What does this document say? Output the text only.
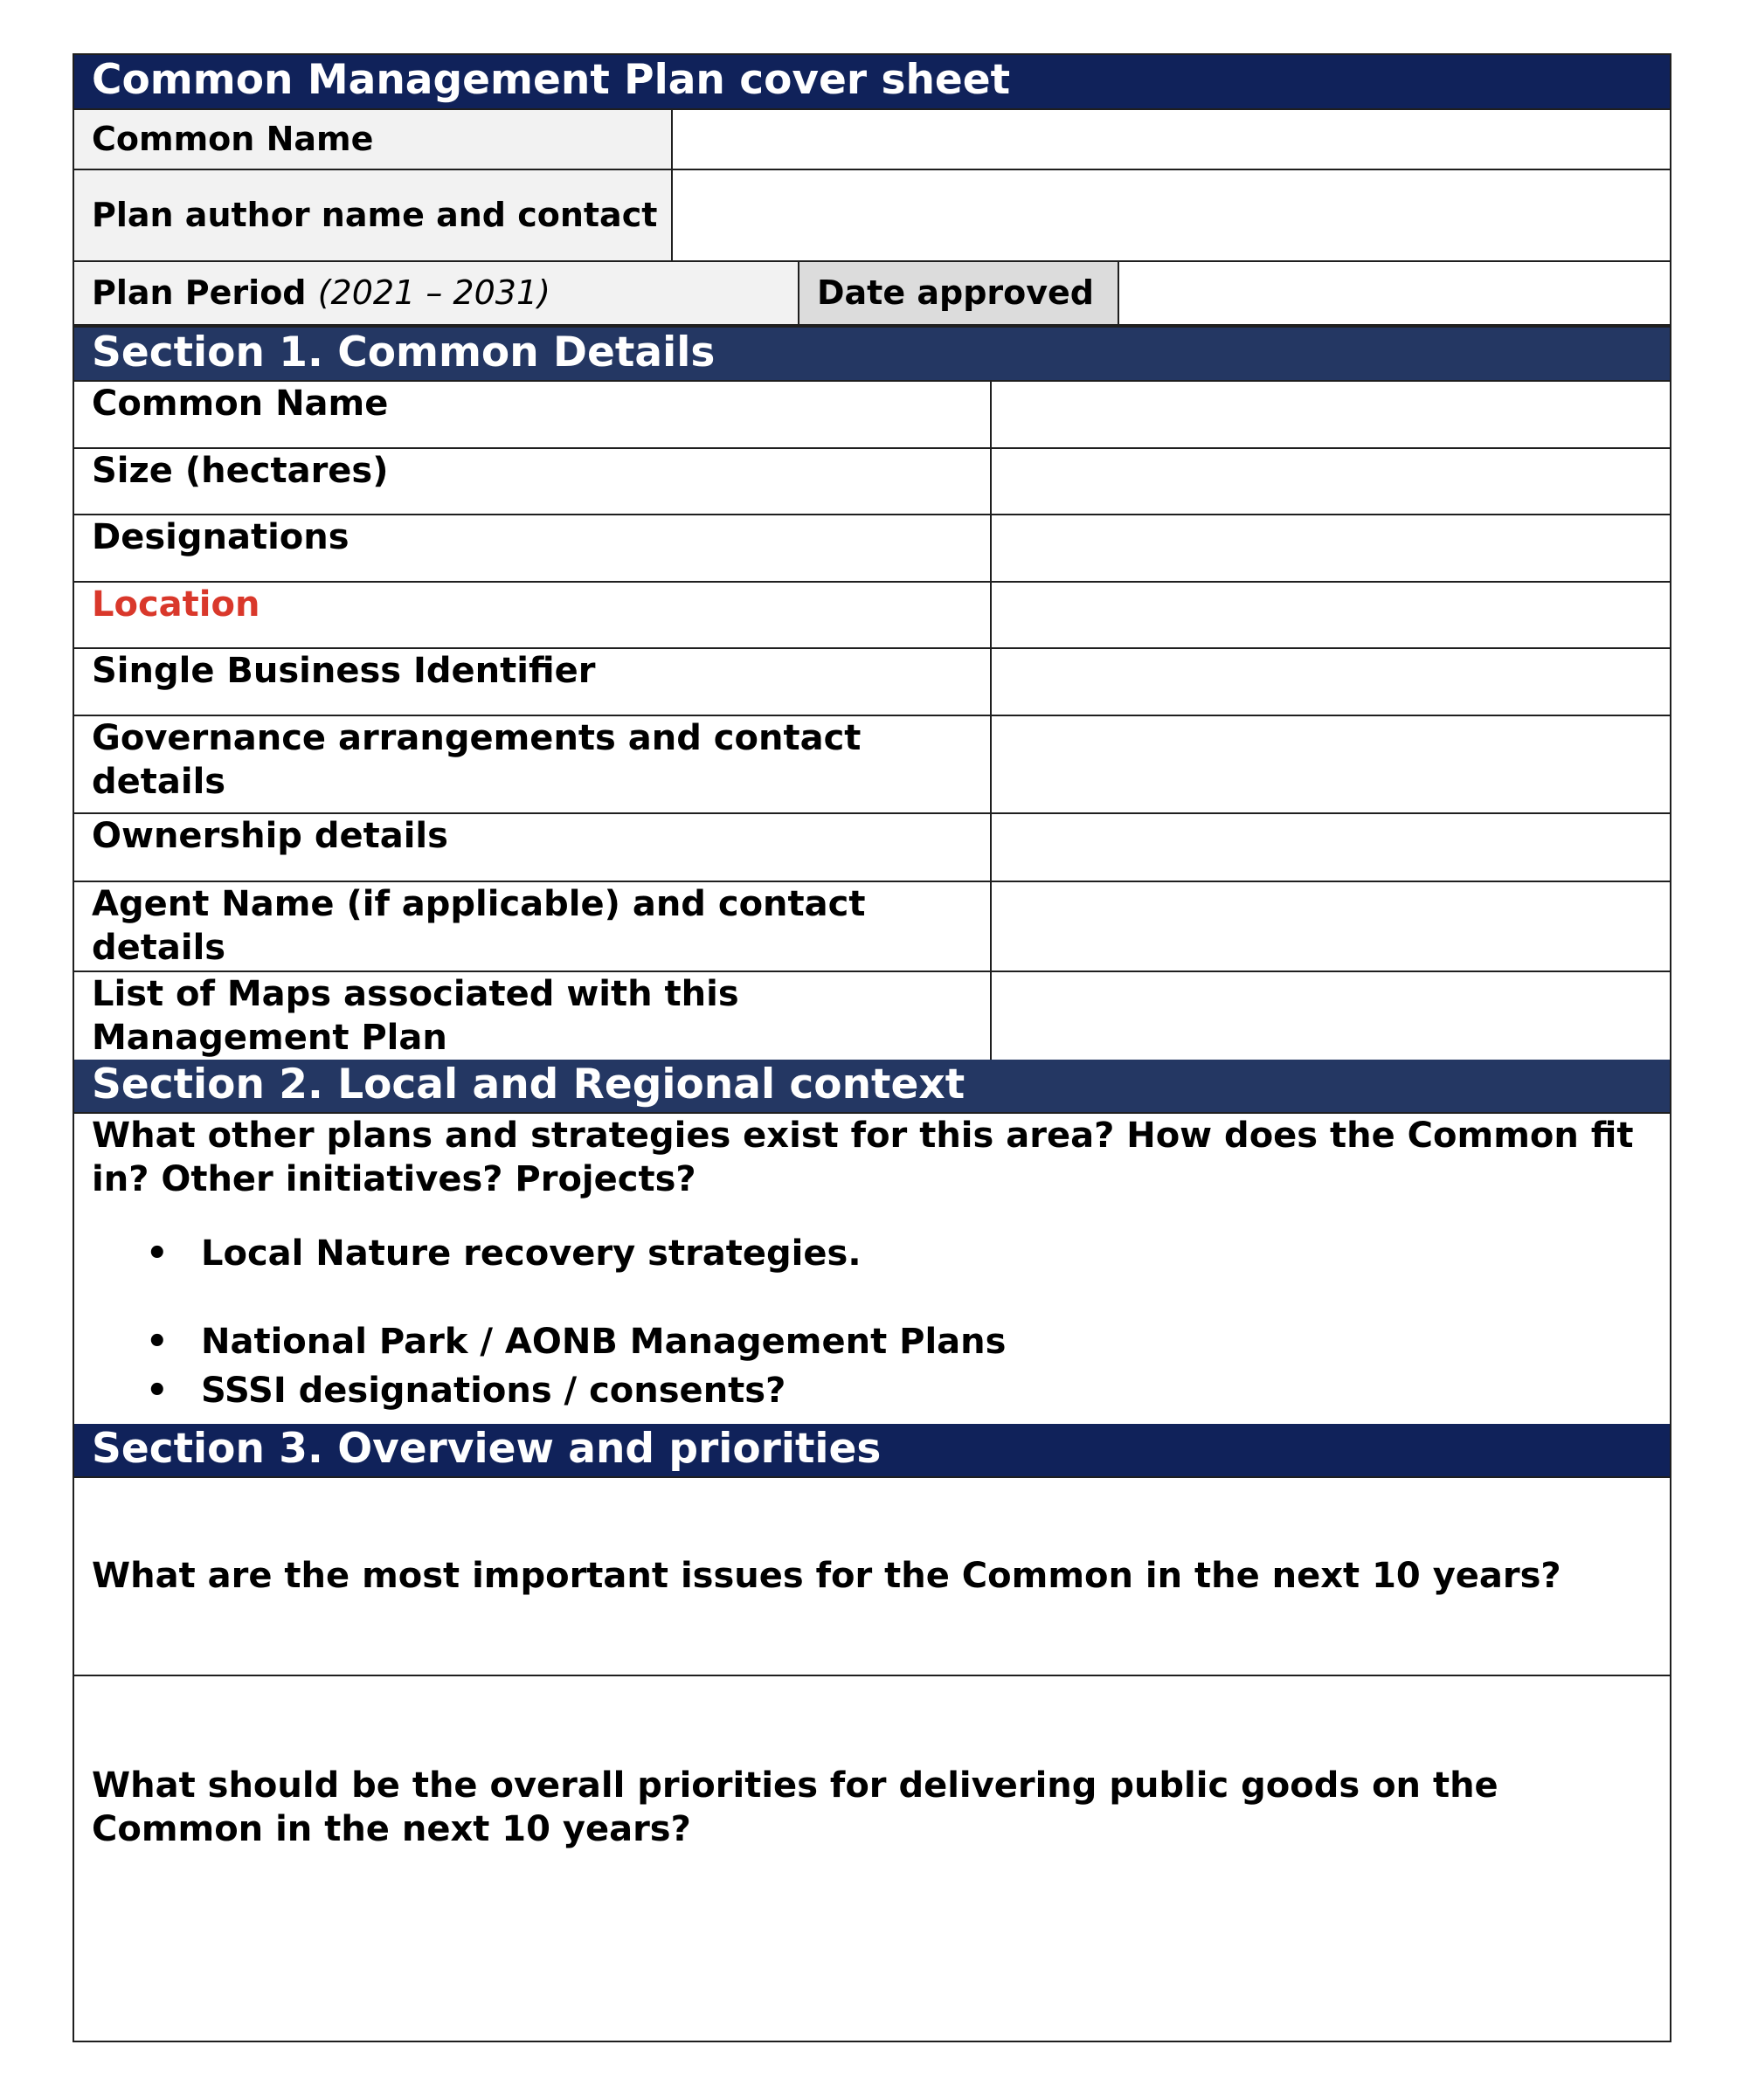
Common Management Plan cover sheet
Common Name
Plan author name and contact
Plan Period (2021 – 2031)	Date approved
Section 1. Common Details
Common Name
Size (hectares)
Designations
Location
Single Business Identifier
Governance arrangements and contact details
Ownership details
Agent Name (if applicable) and contact details
List of Maps associated with this Management Plan
Section 2. Local and Regional context
What other plans and strategies exist for this area? How does the Common fit in? Other initiatives? Projects?
• Local Nature recovery strategies.
• National Park / AONB Management Plans
• SSSI designations / consents?
Section 3. Overview and priorities
What are the most important issues for the Common in the next 10 years?
What should be the overall priorities for delivering public goods on the Common in the next 10 years?
